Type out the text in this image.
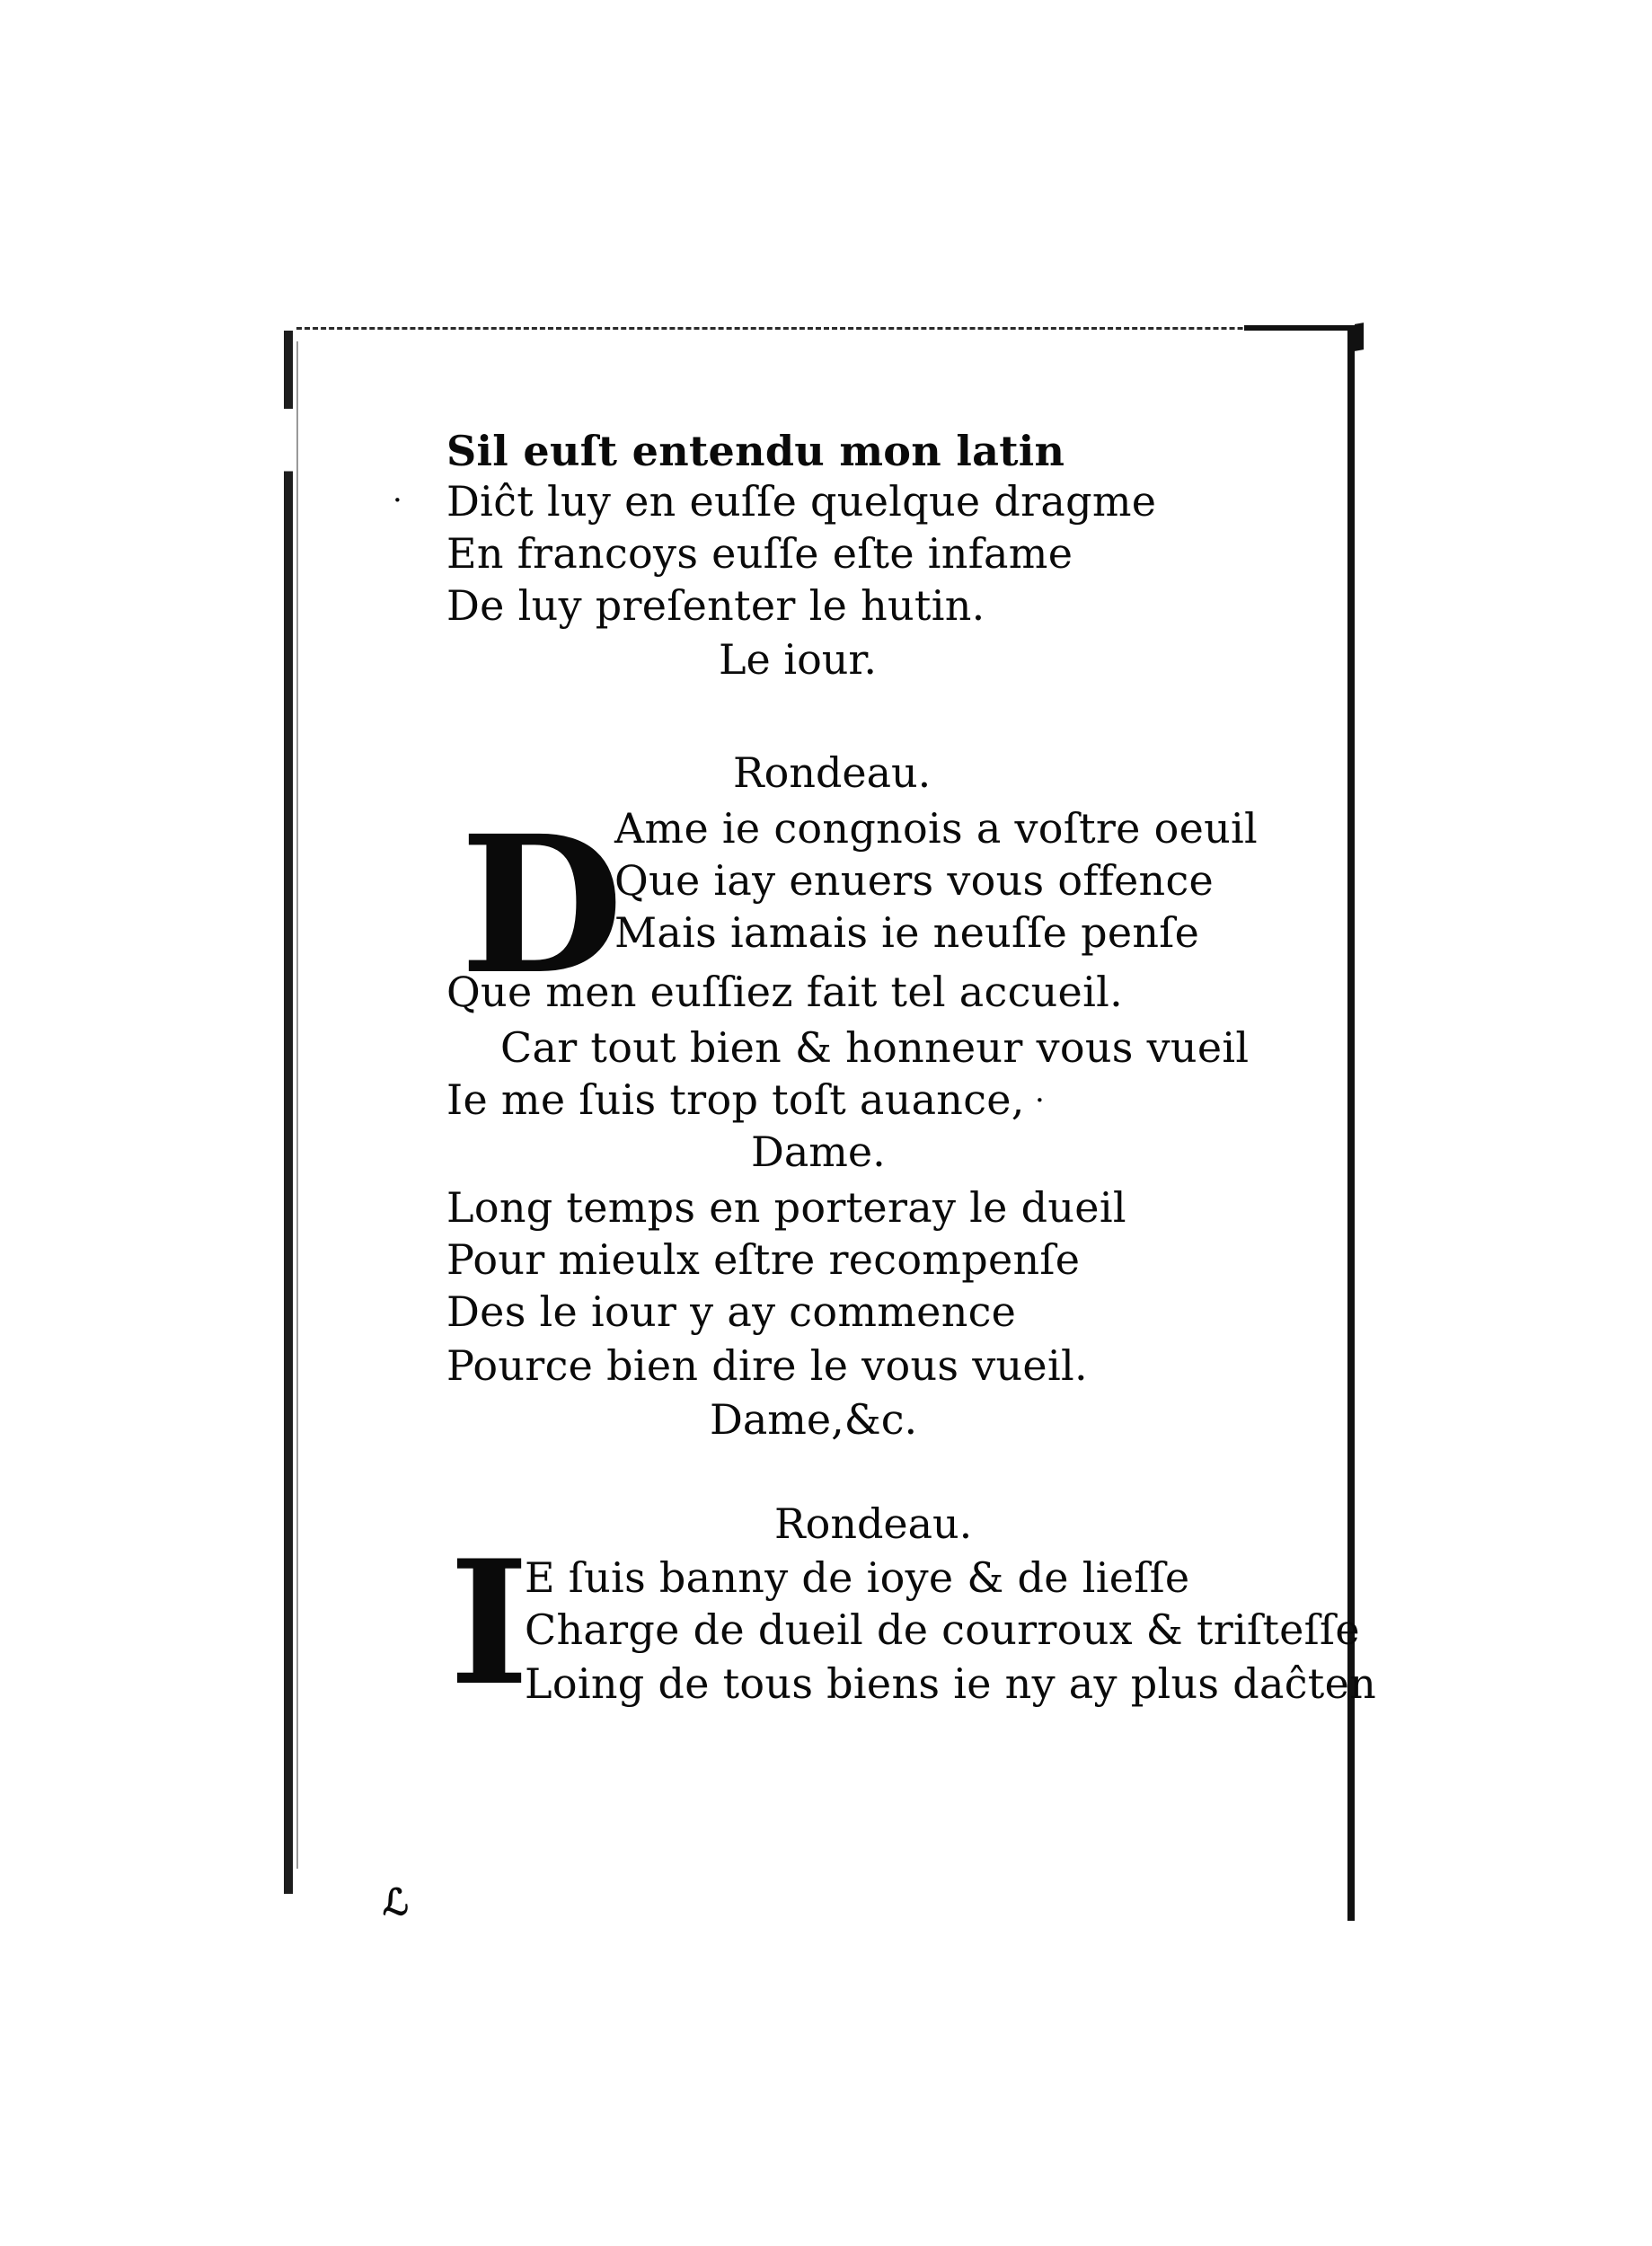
Sil euſt entendu mon latin
· Diĉt luy en euſſe quelque dragme
En francoys euſſe eſte infame
De luy preſenter le hutin.
Le iour.
Rondeau.
D
Ame ie congnois a voſtre oeuil
Que iay enuers vous offence
Mais iamais ie neuſſe penſe
Que men euſſiez fait tel accueil.
Car tout bien & honneur vous vueil
Ie me ſuis trop toſt auance, ·
Dame.
Long temps en porteray le dueil
Pour mieulx eſtre recompenſe
Des le iour y ay commence
Pource bien dire le vous vueil.
Dame,&c.
Rondeau.
I
E ſuis banny de ioye & de lieſſe
Charge de dueil de courroux & triſteſſe
Loing de tous biens ie ny ay plus daĉten
ℒ
